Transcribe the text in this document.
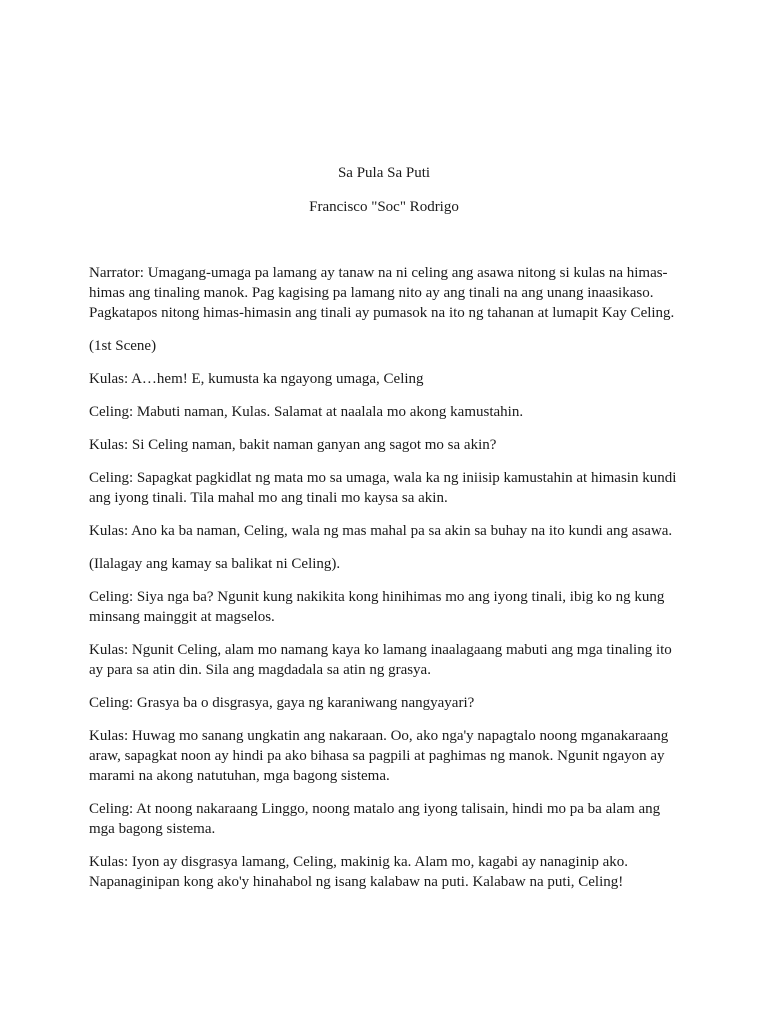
Sa Pula Sa Puti

Francisco "Soc" Rodrigo

Narrator: Umagang-umaga pa lamang ay tanaw na ni celing ang asawa nitong si kulas na himas-himas ang tinaling manok. Pag kagising pa lamang nito ay ang tinali na ang unang inaasikaso. Pagkatapos nitong himas-himasin ang tinali ay pumasok na ito ng tahanan at lumapit Kay Celing.

(1st Scene)

Kulas: A…hem! E, kumusta ka ngayong umaga, Celing

Celing: Mabuti naman, Kulas. Salamat at naalala mo akong kamustahin.

Kulas: Si Celing naman, bakit naman ganyan ang sagot mo sa akin?

Celing: Sapagkat pagkidlat ng mata mo sa umaga, wala ka ng iniisip kamustahin at himasin kundi ang iyong tinali. Tila mahal mo ang tinali mo kaysa sa akin.

Kulas: Ano ka ba naman, Celing, wala ng mas mahal pa sa akin sa buhay na ito kundi ang asawa.

(Ilalagay ang kamay sa balikat ni Celing).

Celing: Siya nga ba? Ngunit kung nakikita kong hinihimas mo ang iyong tinali, ibig ko ng kung minsang mainggit at magselos.

Kulas: Ngunit Celing, alam mo namang kaya ko lamang inaalagaang mabuti ang mga tinaling ito ay para sa atin din. Sila ang magdadala sa atin ng grasya.

Celing: Grasya ba o disgrasya, gaya ng karaniwang nangyayari?

Kulas: Huwag mo sanang ungkatin ang nakaraan. Oo, ako nga'y napagtalo noong mganakaraang araw, sapagkat noon ay hindi pa ako bihasa sa pagpili at paghimas ng manok. Ngunit ngayon ay marami na akong natutuhan, mga bagong sistema.

Celing: At noong nakaraang Linggo, noong matalo ang iyong talisain, hindi mo pa ba alam ang mga bagong sistema.

Kulas: Iyon ay disgrasya lamang, Celing, makinig ka. Alam mo, kagabi ay nanaginip ako. Napanaginipan kong ako'y hinahabol ng isang kalabaw na puti. Kalabaw na puti, Celing!
